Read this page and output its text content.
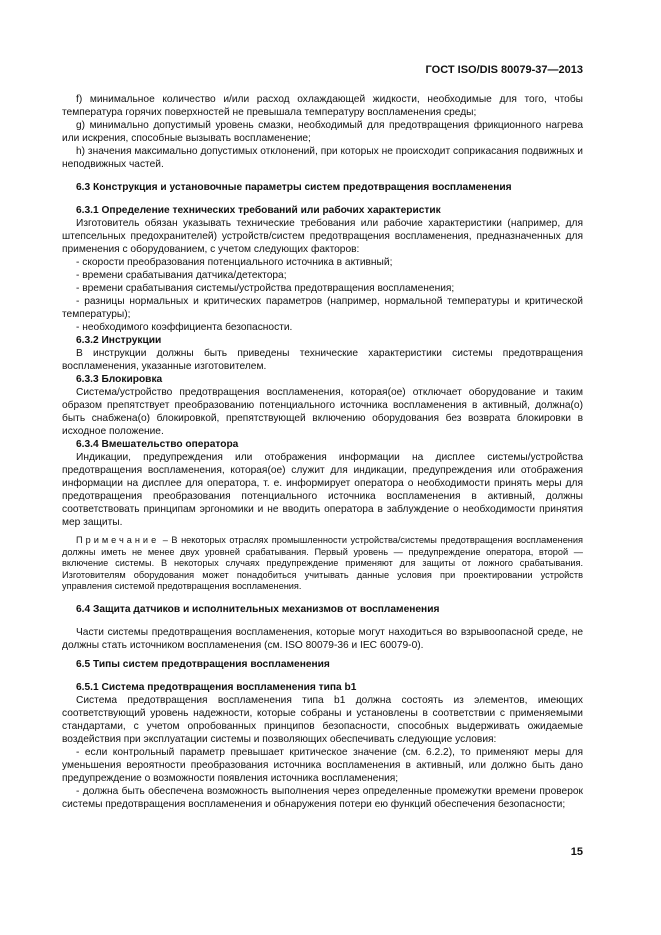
ГОСТ ISO/DIS 80079-37—2013

f) минимальное количество и/или расход охлаждающей жидкости, необходимые для того, чтобы температура горячих поверхностей не превышала температуру воспламенения среды;

g) минимально допустимый уровень смазки, необходимый для предотвращения фрикционного нагрева или искрения, способные вызывать воспламенение;

h) значения максимально допустимых отклонений, при которых не происходит соприкасания подвижных и неподвижных частей.

6.3 Конструкция и установочные параметры систем предотвращения воспламенения

6.3.1 Определение технических требований или рабочих характеристик

Изготовитель обязан указывать технические требования или рабочие характеристики (например, для штепсельных предохранителей) устройств/систем предотвращения воспламенения, предназначенных для применения с оборудованием, с учетом следующих факторов:

- скорости преобразования потенциального источника в активный;

- времени срабатывания датчика/детектора;

- времени срабатывания системы/устройства предотвращения воспламенения;

- разницы нормальных и критических параметров (например, нормальной температуры и критической температуры);

- необходимого коэффициента безопасности.

6.3.2 Инструкции

В инструкции должны быть приведены технические характеристики системы предотвращения воспламенения, указанные изготовителем.

6.3.3 Блокировка

Система/устройство предотвращения воспламенения, которая(ое) отключает оборудование и таким образом препятствует преобразованию потенциального источника воспламенения в активный, должна(о) быть снабжена(о) блокировкой, препятствующей включению оборудования без возврата блокировки в исходное положение.

6.3.4 Вмешательство оператора

Индикации, предупреждения или отображения информации на дисплее системы/устройства предотвращения воспламенения, которая(ое) служит для индикации, предупреждения или отображения информации на дисплее для оператора, т. е. информирует оператора о необходимости принять меры для предотвращения преобразования потенциального источника воспламенения в активный, должны соответствовать принципам эргономики и не вводить оператора в заблуждение о необходимости принятия мер защиты.

Примечание – В некоторых отраслях промышленности устройства/системы предотвращения воспламенения должны иметь не менее двух уровней срабатывания. Первый уровень — предупреждение оператора, второй — включение системы. В некоторых случаях предупреждение применяют для защиты от ложного срабатывания. Изготовителям оборудования может понадобиться учитывать данные условия при проектировании устройств управления системой предотвращения воспламенения.

6.4 Защита датчиков и исполнительных механизмов от воспламенения

Части системы предотвращения воспламенения, которые могут находиться во взрывоопасной среде, не должны стать источником воспламенения (см. ISO 80079-36 и IEC 60079-0).

6.5 Типы систем предотвращения воспламенения

6.5.1 Система предотвращения воспламенения типа b1

Система предотвращения воспламенения типа b1 должна состоять из элементов, имеющих соответствующий уровень надежности, которые собраны и установлены в соответствии с применяемыми стандартами, с учетом опробованных принципов безопасности, способных выдерживать ожидаемые воздействия при эксплуатации системы и позволяющих обеспечивать следующие условия:

- если контрольный параметр превышает критическое значение (см. 6.2.2), то применяют меры для уменьшения вероятности преобразования источника воспламенения в активный, или должно быть дано предупреждение о возможности появления источника воспламенения;

- должна быть обеспечена возможность выполнения через определенные промежутки времени проверок системы предотвращения воспламенения и обнаружения потери ею функций обеспечения безопасности;

15
